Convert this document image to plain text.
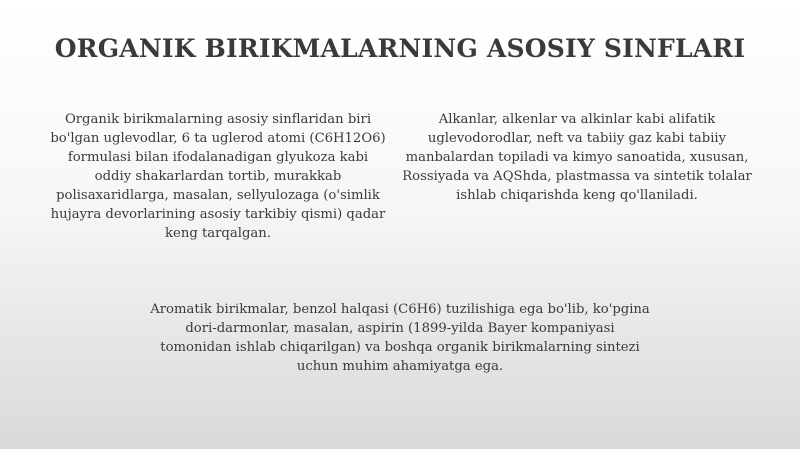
ORGANIK BIRIKMALARNING ASOSIY SINFLARI
Organik birikmalarning asosiy sinflaridan biri bo'lgan uglevodlar, 6 ta uglerod atomi (C6H12O6) formulasi bilan ifodalanadigan glyukoza kabi oddiy shakarlardan tortib, murakkab polisaxaridlarga, masalan, sellyulozaga (o'simlik hujayra devorlarining asosiy tarkibiy qismi) qadar keng tarqalgan.
Alkanlar, alkenlar va alkinlar kabi alifatik uglevodorodlar, neft va tabiiy gaz kabi tabiiy manbalardan topiladi va kimyo sanoatida, xususan, Rossiyada va AQShda, plastmassa va sintetik tolalar ishlab chiqarishda keng qo'llaniladi.
Aromatik birikmalar, benzol halqasi (C6H6) tuzilishiga ega bo'lib, ko'pgina dori-darmonlar, masalan, aspirin (1899-yilda Bayer kompaniyasi tomonidan ishlab chiqarilgan) va boshqa organik birikmalarning sintezi uchun muhim ahamiyatga ega.
